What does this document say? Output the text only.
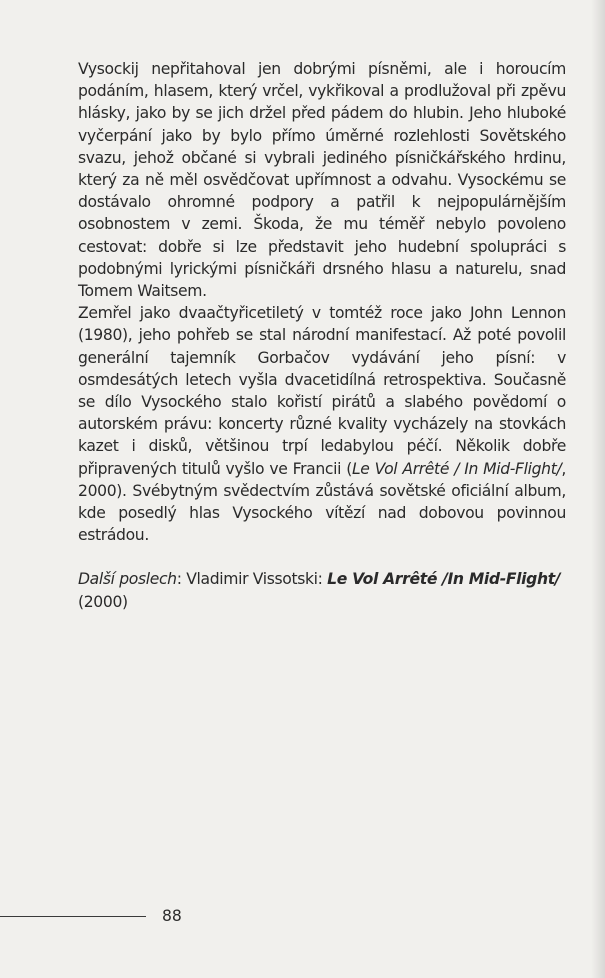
Vysockij nepřitahoval jen dobrými písněmi, ale i horoucím podáním, hlasem, který vrčel, vykřikoval a prodlužoval při zpěvu hlásky, jako by se jich držel před pádem do hlubin. Jeho hluboké vyčerpání jako by bylo přímo úměrné rozlehlosti Sovětského svazu, jehož občané si vybrali jediného písničkářského hrdinu, který za ně měl osvědčovat upřímnost a odvahu. Vysockému se dostávalo ohromné podpory a patřil k nejpopulárnějším osobnostem v zemi. Škoda, že mu téměř nebylo povoleno cestovat: dobře si lze představit jeho hudební spolupráci s podobnými lyrickými písničkáři drsného hlasu a naturelu, snad Tomem Waitsem.

Zemřel jako dvaačtyřicetiletý v tomtéž roce jako John Lennon (1980), jeho pohřeb se stal národní manifestací. Až poté povolil generální tajemník Gorbačov vydávání jeho písní: v osmdesátých letech vyšla dvacetidílná retrospektiva. Současně se dílo Vysockého stalo kořistí pirátů a slabého povědomí o autorském právu: koncerty různé kvality vycházely na stovkách kazet i disků, většinou trpí ledabylou péčí. Několik dobře připravených titulů vyšlo ve Francii (Le Vol Arrêté / In Mid-Flight/, 2000). Svébytným svědectvím zůstává sovětské oficiální album, kde posedlý hlas Vysockého vítězí nad dobovou povinnou estrádou.

Další poslech: Vladimir Vissotski: Le Vol Arrêté /In Mid-Flight/ (2000)

88
